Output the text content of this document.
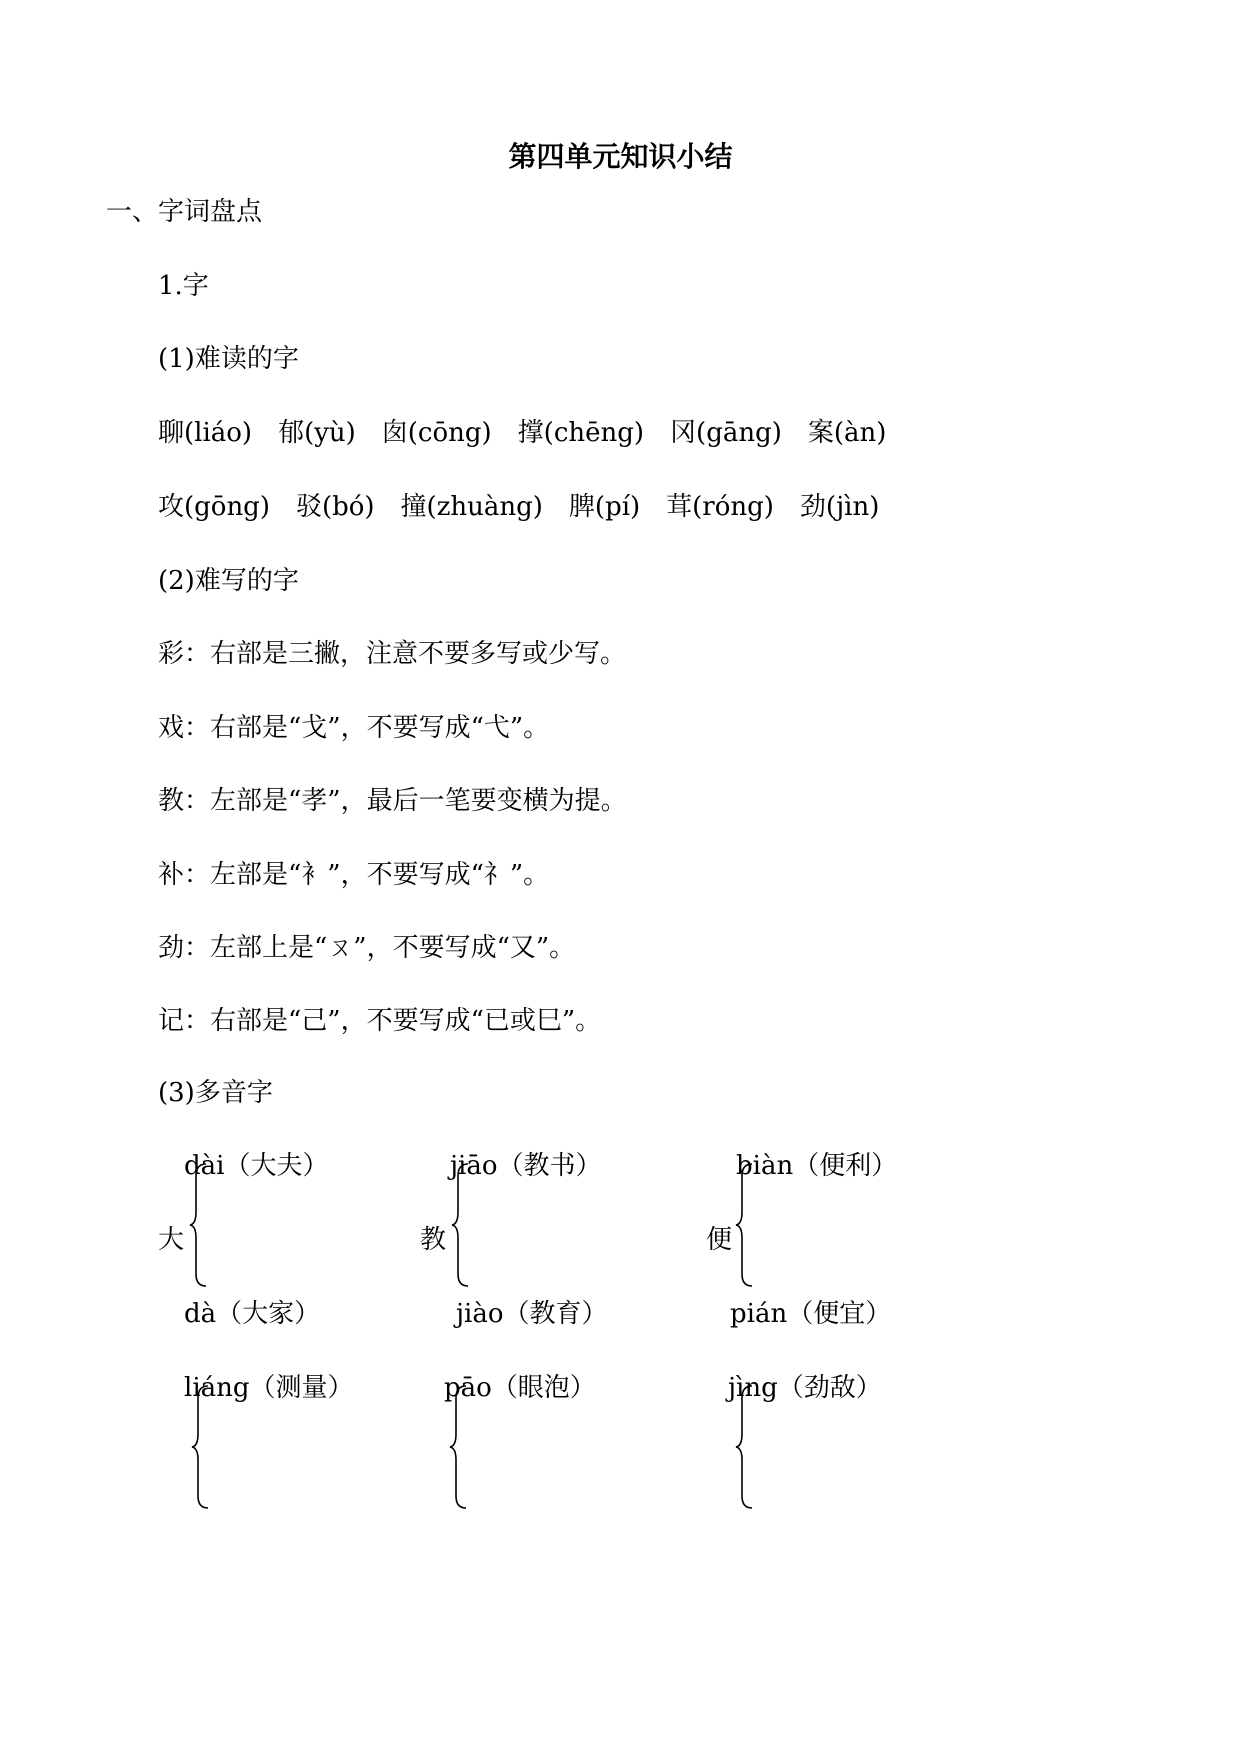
第四单元知识小结
一、字词盘点
1.字
(1)难读的字
聊(liáo)　郁(yù)　囱(cōng)　撑(chēng)　冈(gāng)　案(àn)
攻(gōng)　驳(bó)　撞(zhuàng)　脾(pí)　茸(róng)　劲(jìn)
(2)难写的字
彩：右部是三撇，注意不要多写或少写。
戏：右部是“戈”，不要写成“弋”。
教：左部是“孝”，最后一笔要变横为提。
补：左部是“衤”，不要写成“礻”。
劲：左部上是“ㄡ”，不要写成“又”。
记：右部是“己”，不要写成“已或巳”。
(3)多音字
dài（大夫）
大
dà（大家）
jiāo（教书）
教
jiào（教育）
biàn（便利）
便
pián（便宜）
liáng（测量）	pāo（眼泡）	jìng（劲敌）
